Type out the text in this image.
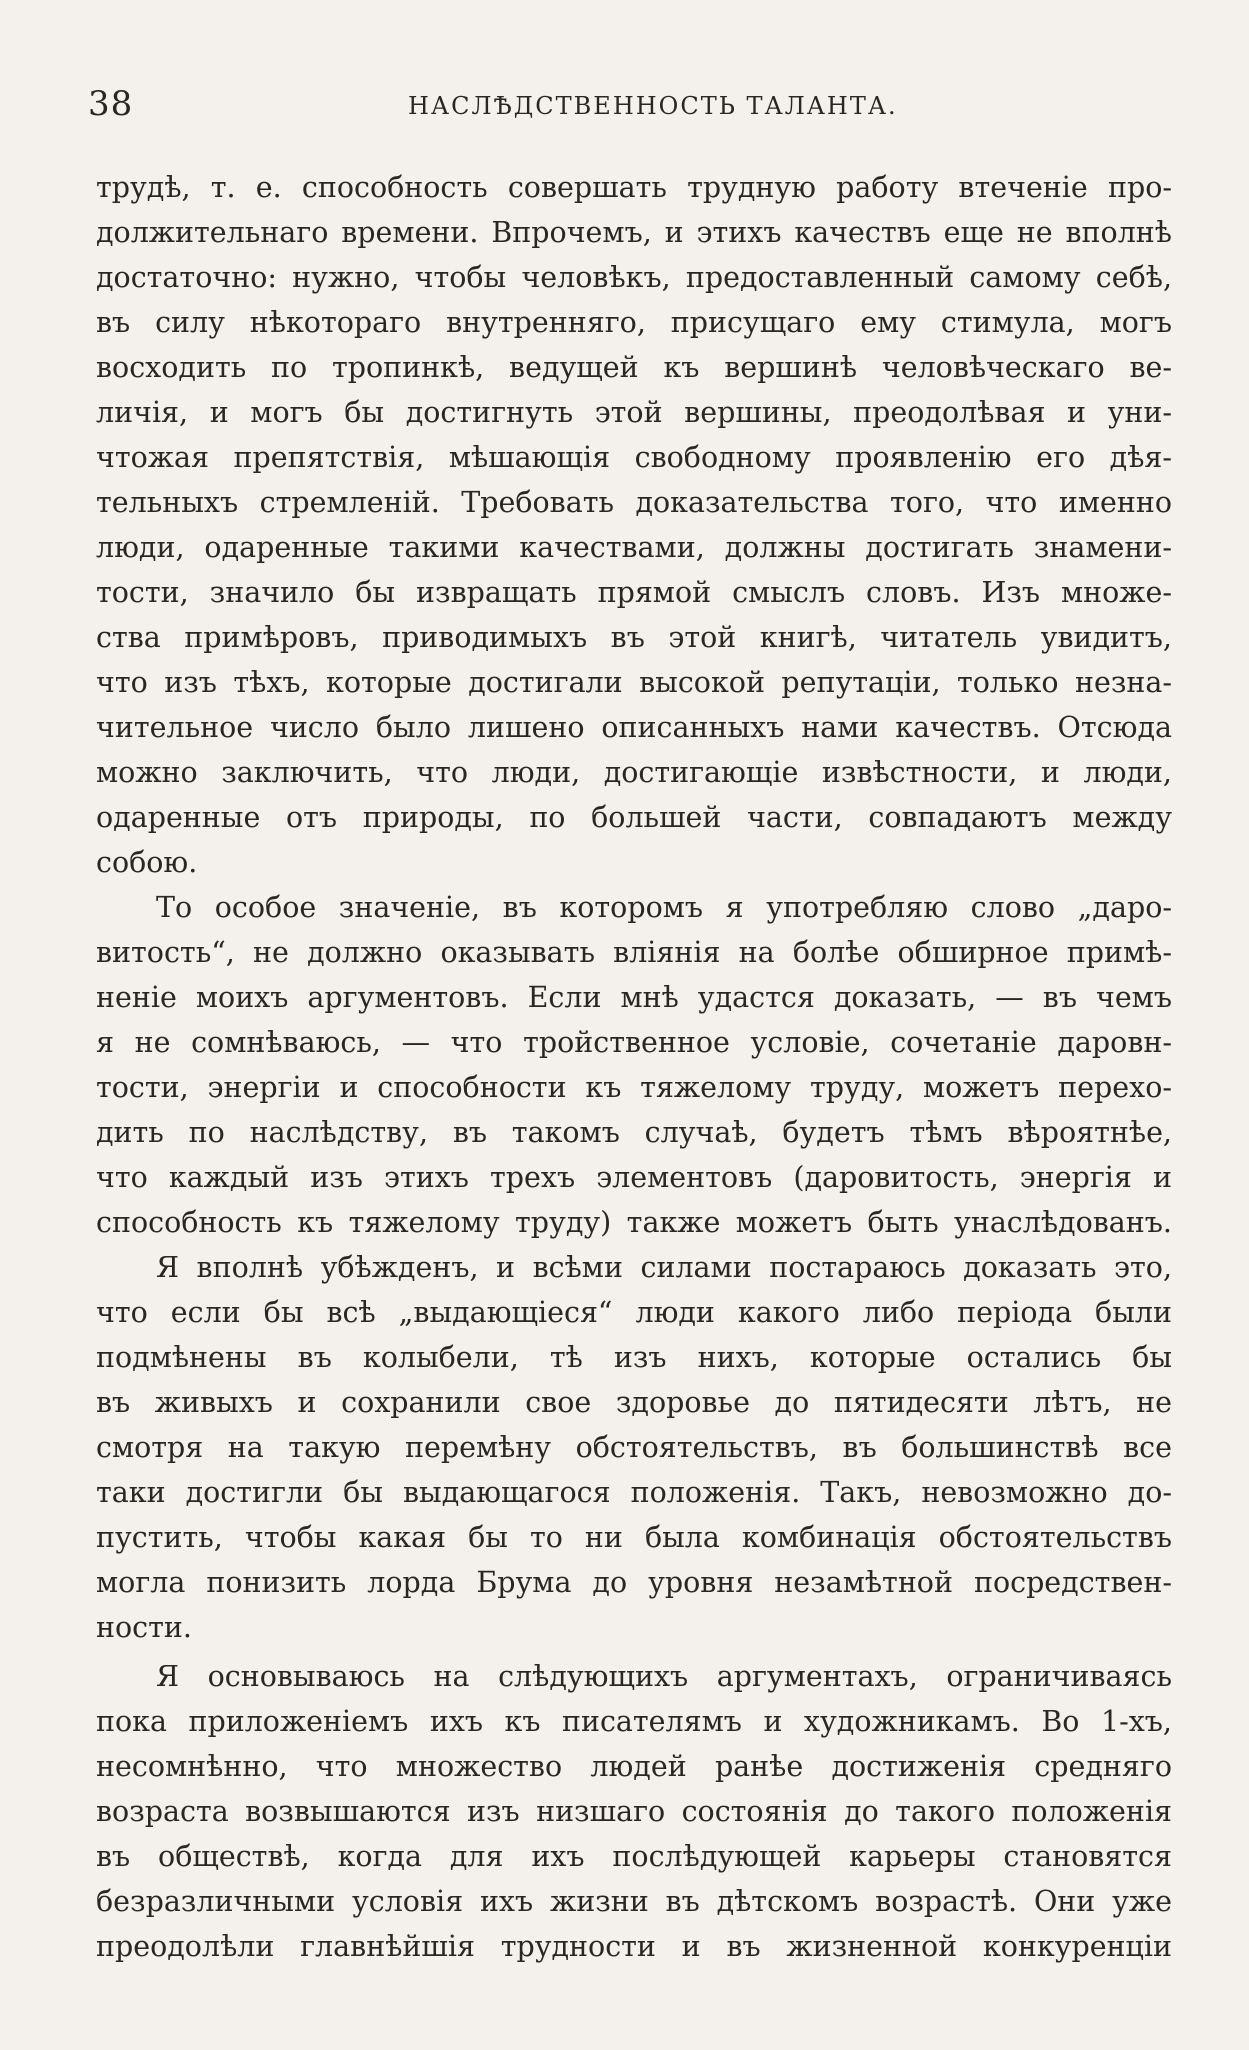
38	НАСЛѢДСТВЕННОСТЬ ТАЛАНТА.
трудѣ, т. е. способность совершать трудную работу втеченіе про-
должительнаго времени. Впрочемъ, и этихъ качествъ еще не вполнѣ
достаточно: нужно, чтобы человѣкъ, предоставленный самому себѣ,
въ силу нѣкотораго внутренняго, присущаго ему стимула, могъ
восходить по тропинкѣ, ведущей къ вершинѣ человѣческаго ве-
личія, и могъ бы достигнуть этой вершины, преодолѣвая и уни-
чтожая препятствія, мѣшающія свободному проявленію его дѣя-
тельныхъ стремленій. Требовать доказательства того, что именно
люди, одаренные такими качествами, должны достигать знамени-
тости, значило бы извращать прямой смыслъ словъ. Изъ множе-
ства примѣровъ, приводимыхъ въ этой книгѣ, читатель увидитъ,
что изъ тѣхъ, которые достигали высокой репутаціи, только незна-
чительное число было лишено описанныхъ нами качествъ. Отсюда
можно заключить, что люди, достигающіе извѣстности, и люди,
одаренные отъ природы, по большей части, совпадаютъ между
собою.
То особое значеніе, въ которомъ я употребляю слово „даро-
витость“, не должно оказывать вліянія на болѣе обширное примѣ-
неніе моихъ аргументовъ. Если мнѣ удастся доказать, — въ чемъ
я не сомнѣваюсь, — что тройственное условіе, сочетаніе даровн-
тости, энергіи и способности къ тяжелому труду, можетъ перехо-
дить по наслѣдству, въ такомъ случаѣ, будетъ тѣмъ вѣроятнѣе,
что каждый изъ этихъ трехъ элементовъ (даровитость, энергія и
способность къ тяжелому труду) также можетъ быть унаслѣдованъ.
Я вполнѣ убѣжденъ, и всѣми силами постараюсь доказать это,
что если бы всѣ „выдающіеся“ люди какого либо періода были
подмѣнены въ колыбели, тѣ изъ нихъ, которые остались бы
въ живыхъ и сохранили свое здоровье до пятидесяти лѣтъ, не
смотря на такую перемѣну обстоятельствъ, въ большинствѣ все
таки достигли бы выдающагося положенія. Такъ, невозможно до-
пустить, чтобы какая бы то ни была комбинація обстоятельствъ
могла понизить лорда Брума до уровня незамѣтной посредствен-
ности.
Я основываюсь на слѣдующихъ аргументахъ, ограничиваясь
пока приложеніемъ ихъ къ писателямъ и художникамъ. Во 1-хъ,
несомнѣнно, что множество людей ранѣе достиженія средняго
возраста возвышаются изъ низшаго состоянія до такого положенія
въ обществѣ, когда для ихъ послѣдующей карьеры становятся
безразличными условія ихъ жизни въ дѣтскомъ возрастѣ. Они уже
преодолѣли главнѣйшія трудности и въ жизненной конкуренціи
